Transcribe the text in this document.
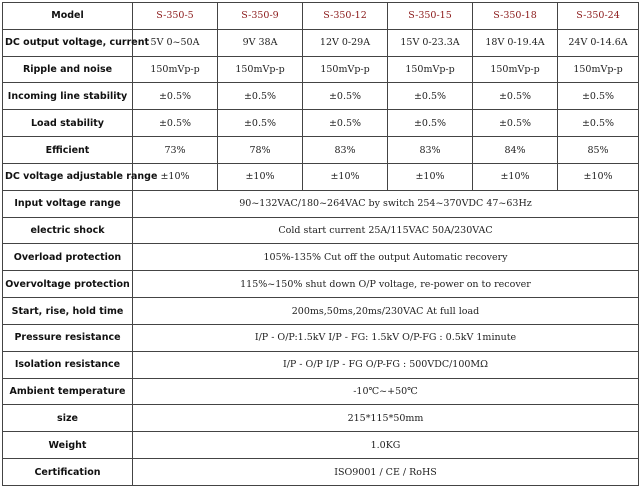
Model	S-350-5	S-350-9	S-350-12	S-350-15	S-350-18	S-350-24
DC output voltage, current	5V 0~50A	9V 38A	12V 0-29A	15V 0-23.3A	18V 0-19.4A	24V 0-14.6A
Ripple and noise	150mVp-p	150mVp-p	150mVp-p	150mVp-p	150mVp-p	150mVp-p
Incoming line stability	±0.5%	±0.5%	±0.5%	±0.5%	±0.5%	±0.5%
Load stability	±0.5%	±0.5%	±0.5%	±0.5%	±0.5%	±0.5%
Efficient	73%	78%	83%	83%	84%	85%
DC voltage adjustable range	±10%	±10%	±10%	±10%	±10%	±10%
Input voltage range	90~132VAC/180~264VAC by switch 254~370VDC 47~63Hz					
electric shock	Cold start current 25A/115VAC 50A/230VAC					
Overload protection	105%-135% Cut off the output Automatic recovery					
Overvoltage protection	115%~150% shut down O/P voltage, re-power on to recover					
Start, rise, hold time	200ms,50ms,20ms/230VAC At full load					
Pressure resistance	I/P - O/P:1.5kV I/P - FG: 1.5kV O/P-FG : 0.5kV 1minute					
Isolation resistance	I/P - O/P I/P - FG O/P-FG : 500VDC/100MΩ					
Ambient temperature	-10℃~+50℃					
size	215*115*50mm					
Weight	1.0KG					
Certification	ISO9001 / CE / RoHS					
